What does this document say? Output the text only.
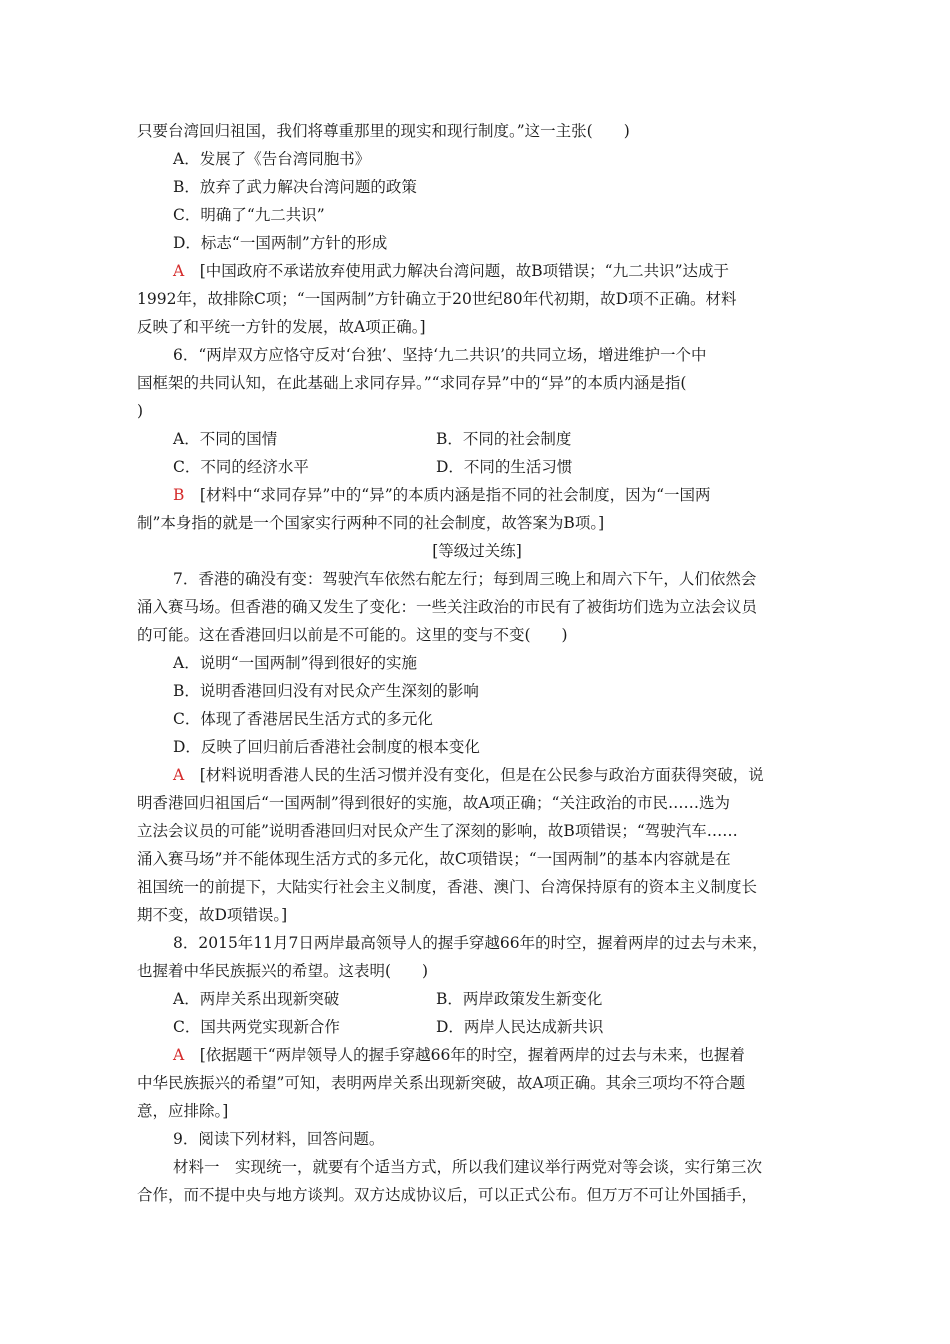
只要台湾回归祖国，我们将尊重那里的现实和现行制度。”这一主张(　　)
A．发展了《告台湾同胞书》
B．放弃了武力解决台湾问题的政策
C．明确了“九二共识”
D．标志“一国两制”方针的形成
A　[中国政府不承诺放弃使用武力解决台湾问题，故B项错误；“九二共识”达成于
1992年，故排除C项；“一国两制”方针确立于20世纪80年代初期，故D项不正确。材料
反映了和平统一方针的发展，故A项正确。]
6．“两岸双方应恪守反对‘台独’、坚持‘九二共识’的共同立场，增进维护一个中
国框架的共同认知，在此基础上求同存异。”“求同存异”中的“异”的本质内涵是指(
)
A．不同的国情	B．不同的社会制度
C．不同的经济水平	D．不同的生活习惯
B　[材料中“求同存异”中的“异”的本质内涵是指不同的社会制度，因为“一国两
制”本身指的就是一个国家实行两种不同的社会制度，故答案为B项。]
[等级过关练]
7．香港的确没有变：驾驶汽车依然右舵左行；每到周三晚上和周六下午，人们依然会
涌入赛马场。但香港的确又发生了变化：一些关注政治的市民有了被街坊们选为立法会议员
的可能。这在香港回归以前是不可能的。这里的变与不变(　　)
A．说明“一国两制”得到很好的实施
B．说明香港回归没有对民众产生深刻的影响
C．体现了香港居民生活方式的多元化
D．反映了回归前后香港社会制度的根本变化
A　[材料说明香港人民的生活习惯并没有变化，但是在公民参与政治方面获得突破，说
明香港回归祖国后“一国两制”得到很好的实施，故A项正确；“关注政治的市民……选为
立法会议员的可能”说明香港回归对民众产生了深刻的影响，故B项错误；“驾驶汽车……
涌入赛马场”并不能体现生活方式的多元化，故C项错误；“一国两制”的基本内容就是在
祖国统一的前提下，大陆实行社会主义制度，香港、澳门、台湾保持原有的资本主义制度长
期不变，故D项错误。]
8．2015年11月7日两岸最高领导人的握手穿越66年的时空，握着两岸的过去与未来，
也握着中华民族振兴的希望。这表明(　　)
A．两岸关系出现新突破	B．两岸政策发生新变化
C．国共两党实现新合作	D．两岸人民达成新共识
A　[依据题干“两岸领导人的握手穿越66年的时空，握着两岸的过去与未来，也握着
中华民族振兴的希望”可知，表明两岸关系出现新突破，故A项正确。其余三项均不符合题
意，应排除。]
9．阅读下列材料，回答问题。
材料一　实现统一，就要有个适当方式，所以我们建议举行两党对等会谈，实行第三次
合作，而不提中央与地方谈判。双方达成协议后，可以正式公布。但万万不可让外国插手，
